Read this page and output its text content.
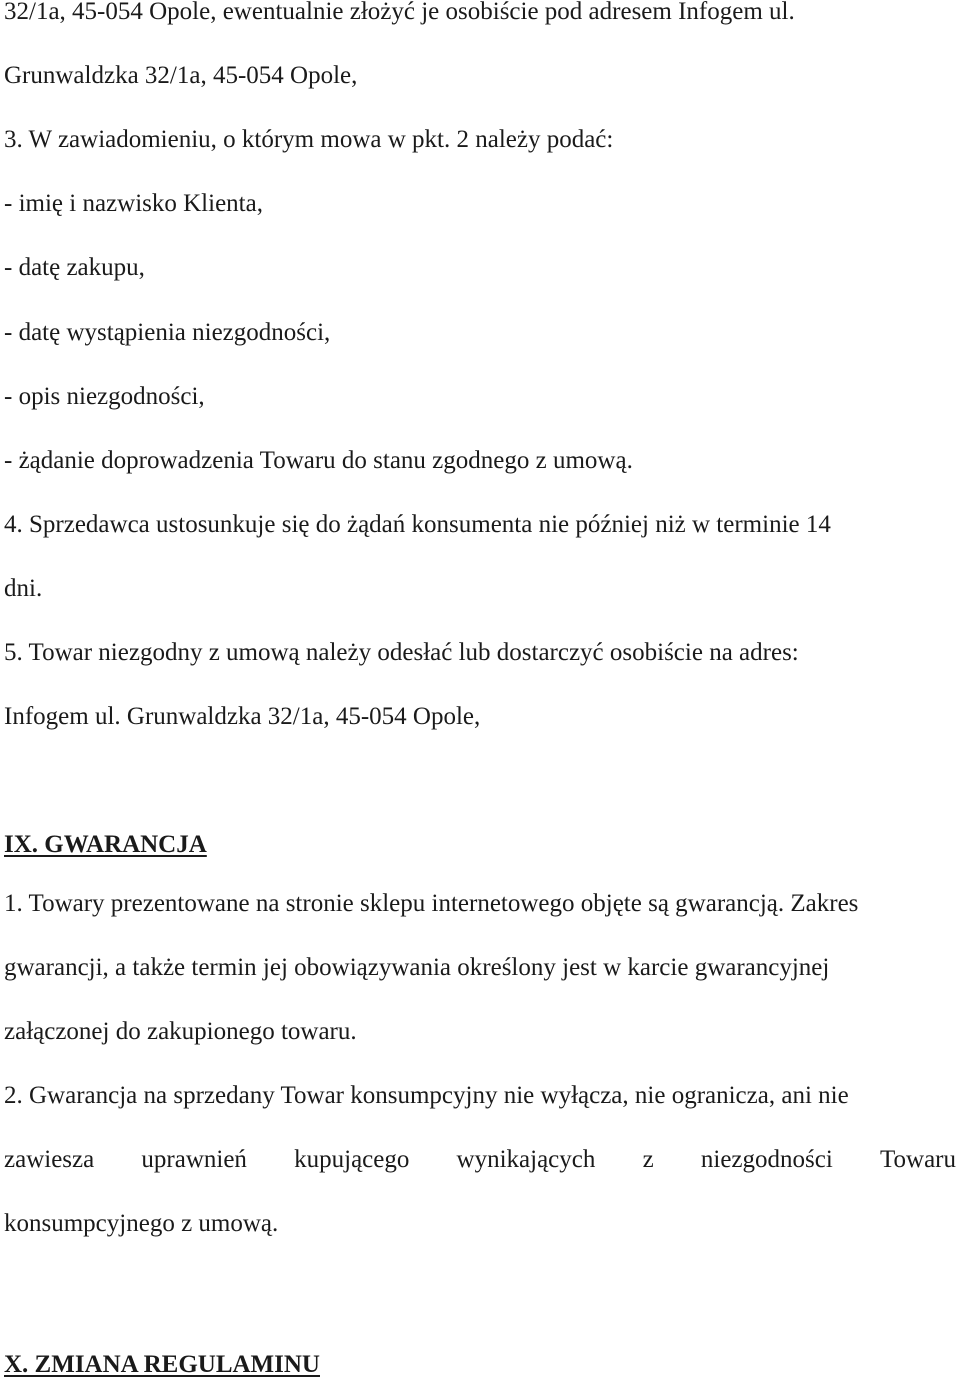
32/1a, 45-054 Opole, ewentualnie złożyć je osobiście pod adresem Infogem ul.

Grunwaldzka 32/1a, 45-054 Opole,

3. W zawiadomieniu, o którym mowa w pkt. 2 należy podać:

- imię i nazwisko Klienta,

- datę zakupu,

- datę wystąpienia niezgodności,

- opis niezgodności,

- żądanie doprowadzenia Towaru do stanu zgodnego z umową.

4. Sprzedawca ustosunkuje się do żądań konsumenta nie później niż w terminie 14

dni.

5. Towar niezgodny z umową należy odesłać lub dostarczyć osobiście na adres:

Infogem ul. Grunwaldzka 32/1a, 45-054 Opole,

IX. GWARANCJA

1. Towary prezentowane na stronie sklepu internetowego objęte są gwarancją. Zakres

gwarancji, a także termin jej obowiązywania określony jest w karcie gwarancyjnej

załączonej do zakupionego towaru.

2. Gwarancja na sprzedany Towar konsumpcyjny nie wyłącza, nie ogranicza, ani nie

zawiesza uprawnień kupującego wynikających z niezgodności Towaru

konsumpcyjnego z umową.

X. ZMIANA REGULAMINU
